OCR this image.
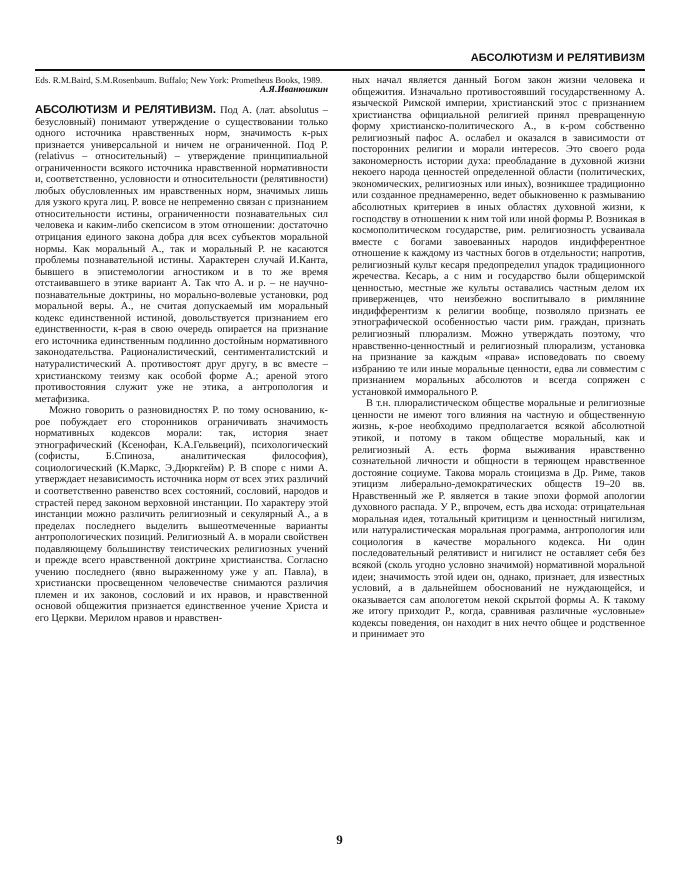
АБСОЛЮТИЗМ И РЕЛЯТИВИЗМ

Eds. R.M.Baird, S.M.Rosenbaum. Buffalo; New York: Prometheus Books, 1989.

А.Я.Иванюшкин

АБСОЛЮТИЗМ И РЕЛЯТИВИЗМ. Под А. (лат. absolutus – безусловный) понимают утверждение о существовании только одного источника нравственных норм, значимость к-рых признается универсальной и ничем не ограниченной. Под Р. (relativus – относительный) – утверждение принципиальной ограниченности всякого источника нравственной нормативности и, соответственно, условности и относительности (релятивности) любых обусловленных им нравственных норм, значимых лишь для узкого круга лиц. Р. вовсе не непременно связан с признанием относительности истины, ограниченности познавательных сил человека и каким-либо скепсисом в этом отношении: достаточно отрицания единого закона добра для всех субъектов моральной нормы. Как моральный А., так и моральный Р. не касаются проблемы познавательной истины. Характерен случай И.Канта, бывшего в эпистемологии агностиком и в то же время отстаивавшего в этике вариант А. Так что А. и р. – не научно-познавательные доктрины, но морально-волевые установки, род моральной веры. А., не считая допускаемый им моральный кодекс единственной истиной, довольствуется признанием его единственности, к-рая в свою очередь опирается на признание его источника единственным подлинно достойным нормативного законодательства. Рационалистический, сентименталистский и натуралистический А. противостоят друг другу, в вс вместе – христианскому теизму как особой форме А.; ареной этого противостояния служит уже не этика, а антропология и метафизика.

Можно говорить о разновидностях Р. по тому основанию, к-рое побуждает его сторонников ограничивать значимость нормативных кодексов морали: так, история знает этнографический (Ксенофан, К.А.Гельвеций), психологический (софисты, Б.Спиноза, аналитическая философия), социологический (К.Маркс, Э.Дюркгейм) Р. В споре с ними А. утверждает независимость источника норм от всех этих различий и соответственно равенство всех состояний, сословий, народов и страстей перед законом верховной инстанции. По характеру этой инстанции можно различить религиозный и секулярный А., а в пределах последнего выделить вышеотмеченные варианты антропологических позиций. Религиозный А. в морали свойствен подавляющему большинству теистических религиозных учений и прежде всего нравственной доктрине христианства. Согласно учению последнего (явно выраженному уже у ап. Павла), в христиански просвещенном человечестве снимаются различия племен и их законов, сословий и их нравов, и нравственной основой общежития признается единственное учение Христа и его Церкви. Мерилом нравов и нравствен-

ных начал является данный Богом закон жизни человека и общежития. Изначально противостоявший государственному А. языческой Римской империи, христианский этос с признанием христианства официальной религией принял превращенную форму христианско-политического А., в к-ром собственно религиозный пафос А. ослабел и оказался в зависимости от посторонних религии и морали интересов. Это своего рода закономерность истории духа: преобладание в духовной жизни некоего народа ценностей определенной области (политических, экономических, религиозных или иных), возникшее традиционно или созданное преднамеренно, ведет обыкновенно к размыванию абсолютных критериев в иных областях духовной жизни, к господству в отношении к ним той или иной формы Р. Возникая в космополитическом государстве, рим. религиозность усваивала вместе с богами завоеванных народов индифферентное отношение к каждому из частных богов в отдельности; напротив, религиозный культ кесаря предопределил упадок традиционного жречества. Кесарь, а с ним и государство были общеримской ценностью, местные же культы оставались частным делом их приверженцев, что неизбежно воспитывало в римлянине индифферентизм к религии вообще, позволяло признать ее этнографической особенностью части рим. граждан, признать религиозный плюрализм. Можно утверждать поэтому, что нравственно-ценностный и религиозный плюрализм, установка на признание за каждым «права» исповедовать по своему избранию те или иные моральные ценности, едва ли совместим с признанием моральных абсолютов и всегда сопряжен с установкой имморального Р.

В т.н. плюралистическом обществе моральные и религиозные ценности не имеют того влияния на частную и общественную жизнь, к-рое необходимо предполагается всякой абсолютной этикой, и потому в таком обществе моральный, как и религиозный А. есть форма выживания нравственно сознательной личности и общности в теряющем нравственное достояние социуме. Такова мораль стоицизма в Др. Риме, таков этицизм либерально-демократических обществ 19–20 вв. Нравственный же Р. является в такие эпохи формой апологии духовного распада. У Р., впрочем, есть два исхода: отрицательная моральная идея, тотальный критицизм и ценностный нигилизм, или натуралистическая моральная программа, антропология или социология в качестве морального кодекса. Ни один последовательный релятивист и нигилист не оставляет себя без всякой (сколь угодно условно значимой) нормативной моральной идеи; значимость этой идеи он, однако, признает, для известных условий, а в дальнейшем обоснований не нуждающейся, и оказывается сам апологетом некой скрытой формы А. К такому же итогу приходит Р., когда, сравнивая различные «условные» кодексы поведения, он находит в них нечто общее и родственное и принимает это

9
